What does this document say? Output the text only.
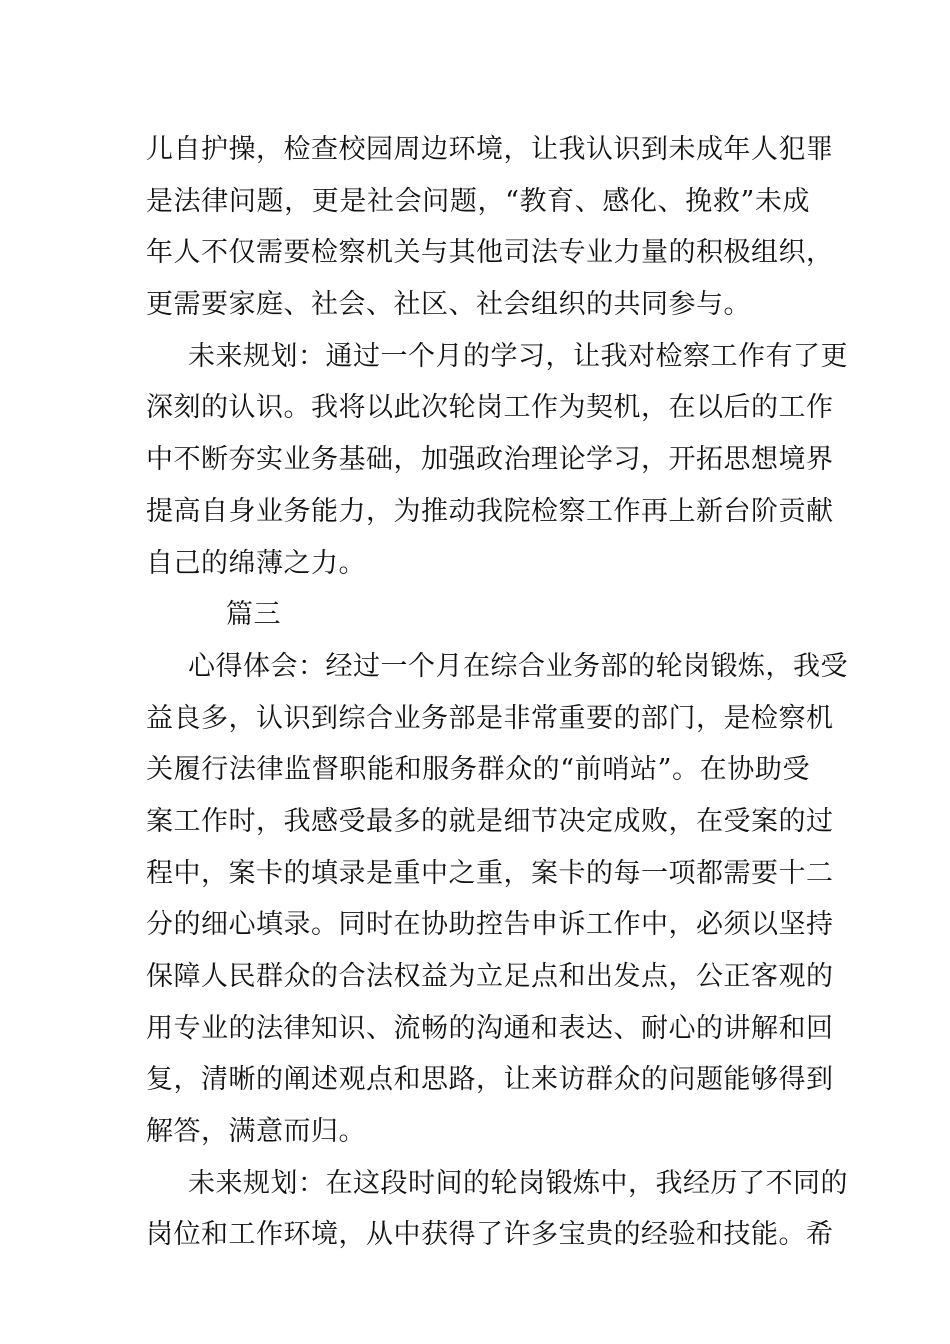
儿自护操，检查校园周边环境，让我认识到未成年人犯罪
是法律问题，更是社会问题，“教育、感化、挽救”未成
年人不仅需要检察机关与其他司法专业力量的积极组织，
更需要家庭、社会、社区、社会组织的共同参与。
未来规划：通过一个月的学习，让我对检察工作有了更
深刻的认识。我将以此次轮岗工作为契机，在以后的工作
中不断夯实业务基础，加强政治理论学习，开拓思想境界
提高自身业务能力，为推动我院检察工作再上新台阶贡献
自己的绵薄之力。
篇三
心得体会：经过一个月在综合业务部的轮岗锻炼，我受
益良多，认识到综合业务部是非常重要的部门，是检察机
关履行法律监督职能和服务群众的“前哨站”。在协助受
案工作时，我感受最多的就是细节决定成败，在受案的过
程中，案卡的填录是重中之重，案卡的每一项都需要十二
分的细心填录。同时在协助控告申诉工作中，必须以坚持
保障人民群众的合法权益为立足点和出发点，公正客观的
用专业的法律知识、流畅的沟通和表达、耐心的讲解和回
复，清晰的阐述观点和思路，让来访群众的问题能够得到
解答，满意而归。
未来规划：在这段时间的轮岗锻炼中，我经历了不同的
岗位和工作环境，从中获得了许多宝贵的经验和技能。希
